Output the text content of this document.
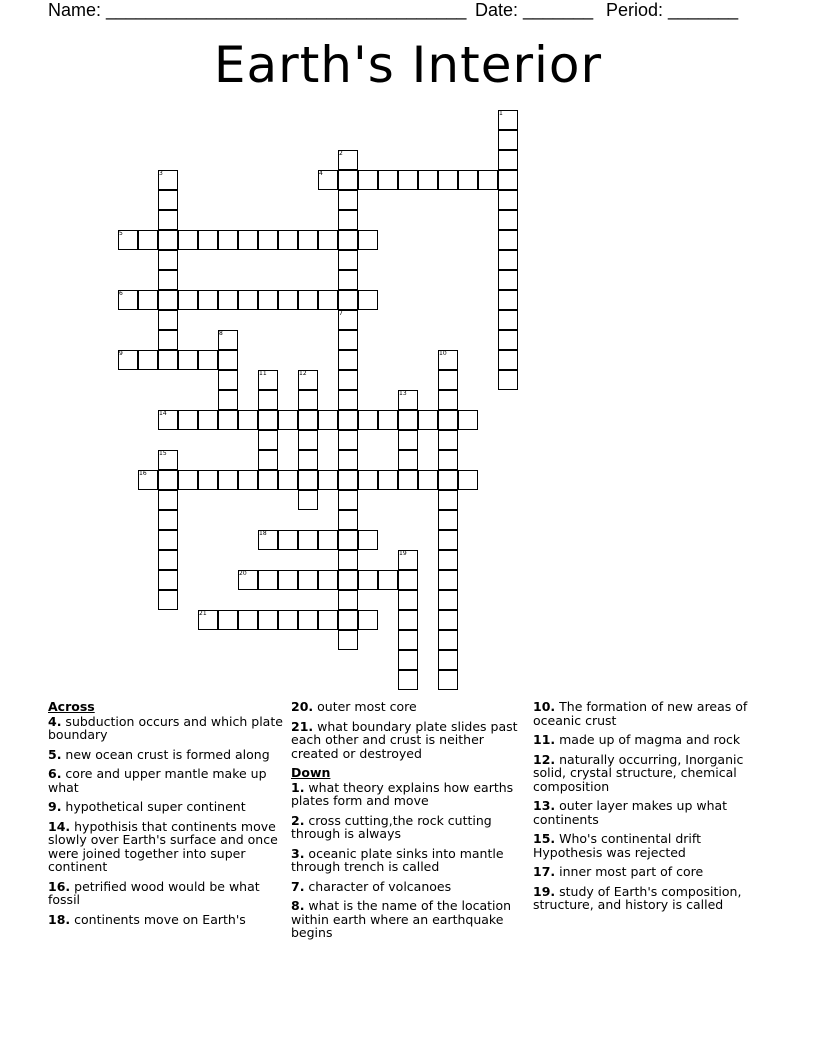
Name: ____________________________________ Date: _______ Period: _______
Earth's Interior
4
5
6
9
14
16
18
20
21
1
2
3
7
8
10
11	12
13
15
19
Across
4. subduction occurs and which plate boundary
5. new ocean crust is formed along
6. core and upper mantle make up what
9. hypothetical super continent
14. hypothisis that continents move slowly over Earth's surface and once were joined together into super continent
16. petrified wood would be what fossil
18. continents move on Earth's
20. outer most core
21. what boundary plate slides past each other and crust is neither created or destroyed
Down
1. what theory explains how earths plates form and move
2. cross cutting,the rock cutting through is always
3. oceanic plate sinks into mantle through trench is called
7. character of volcanoes
8. what is the name of the location within earth where an earthquake begins
10. The formation of new areas of oceanic crust
11. made up of magma and rock
12. naturally occurring, Inorganic solid, crystal structure, chemical composition
13. outer layer makes up what continents
15. Who's continental drift Hypothesis was rejected
17. inner most part of core
19. study of Earth's composition, structure, and history is called
